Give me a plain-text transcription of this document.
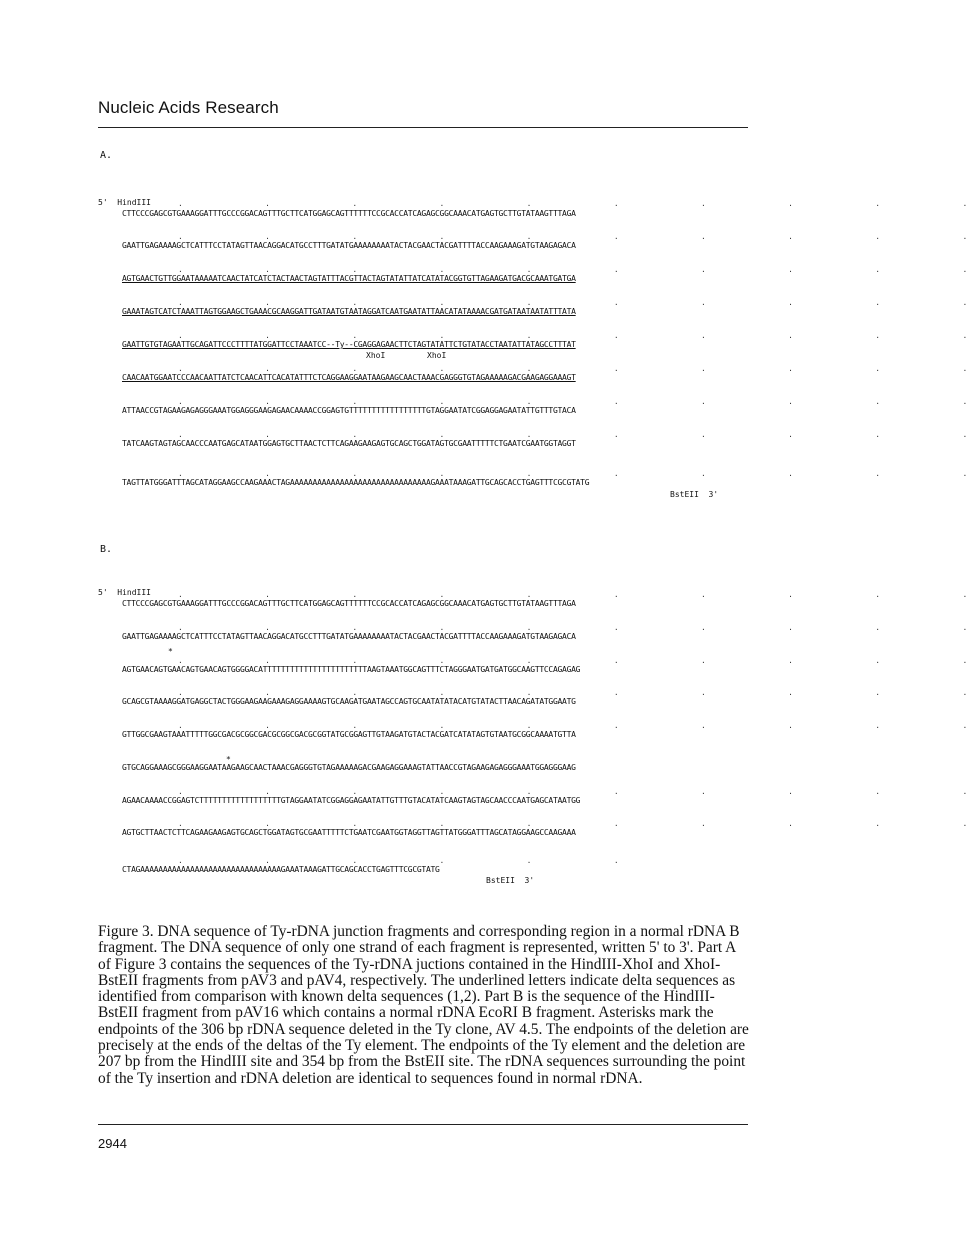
Nucleic Acids Research
A.
5'  HindIII
CTTCCCGAGCGTGAAAGGATTTGCCCGGACAGTTTGCTTCATGGAGCAGTTTTTTCCGCACCATCAGAGCGGCAAACATGAGTGCTTGTATAAGTTTAGA
GAATTGAGAAAAGCTCATTTCCTATAGTTAACAGGACATGCCTTTGATATGAAAAAAAATACTACGAACTACGATTTTACCAAGAAAGATGTAAGAGACA
AGTGAACTGTTGGAATAAAAATCAACTATCATCTACTAACTAGTATTTACGTTACTAGTATATTATCATATACGGTGTTAGAAGATGACGCAAATGATGA
GAAATAGTCATCTAAATTAGTGGAAGCTGAAACGCAAGGATTGATAATGTAATAGGATCAATGAATATTAACATATAAAACGATGATAATAATATTTATA
GAATTGTGTAGAATTGCAGATTCCCTTTTATGGATTCCTAAATCC--Ty--CGAGGAGAACTTCTAGTATATTCTGTATACCTAATATTATAGCCTTTAT
XhoI	XhoI
CAACAATGGAATCCCAACAATTATCTCAACATTCACATATTTCTCAGGAAGGAATAAGAAGCAACTAAACGAGGGTGTAGAAAAAGACGAAGAGGAAAGT
ATTAACCGTAGAAGAGAGGGAAATGGAGGGAAGAGAACAAAACCGGAGTGTTTTTTTTTTTTTTTTTGTAGGAATATCGGAGGAGAATATTGTTTGTACA
TATCAAGTAGTAGCAACCCAATGAGCATAATGGAGTGCTTAACTCTTCAGAAGAAGAGTGCAGCTGGATAGTGCGAATTTTTCTGAATCGAATGGTAGGT
TAGTTATGGGATTTAGCATAGGAAGCCAAGAAACTAGAAAAAAAAAAAAAAAAAAAAAAAAAAAAAAAGAAATAAAGATTGCAGCACCTGAGTTTCGCGTATG
BstEII  3'
B.
5'  HindIII
CTTCCCGAGCGTGAAAGGATTTGCCCGGACAGTTTGCTTCATGGAGCAGTTTTTTCCGCACCATCAGAGCGGCAAACATGAGTGCTTGTATAAGTTTAGA
GAATTGAGAAAAGCTCATTTCCTATAGTTAACAGGACATGCCTTTGATATGAAAAAAAATACTACGAACTACGATTTTACCAAGAAAGATGTAAGAGACA
*
AGTGAACAGTGAACAGTGAACAGTGGGGACATTTTTTTTTTTTTTTTTTTTTTTAAGTAAATGGCAGTTTCTAGGGAATGATGATGGCAAGTTCCAGAGAG
GCAGCGTAAAAGGATGAGGCTACTGGGAAGAAGAAAGAGGAAAAGTGCAAGATGAATAGCCAGTGCAATATATACATGTATACTTAACAGATATGGAATG
GTTGGCGAAGTAAATTTTTGGCGACGCGGCGACGCGGCGACGCGGTATGCGGAGTTGTAAGATGTACTACGATCATATAGTGTAATGCGGCAAAATGTTA
*
GTGCAGGAAAGCGGGAAGGAATAAGAAGCAACTAAACGAGGGTGTAGAAAAAGACGAAGAGGAAAGTATTAACCGTAGAAGAGAGGGAAATGGAGGGAAG
AGAACAAAACCGGAGTCTTTTTTTTTTTTTTTTTTGTAGGAATATCGGAGGAGAATATTGTTTGTACATATCAAGTAGTAGCAACCCAATGAGCATAATGG
AGTGCTTAACTCTTCAGAAGAAGAGTGCAGCTGGATAGTGCGAATTTTTCTGAATCGAATGGTAGGTTAGTTATGGGATTTAGCATAGGAAGCCAAGAAA
CTAGAAAAAAAAAAAAAAAAAAAAAAAAAAAAAAAGAAATAAAGATTGCAGCACCTGAGTTTCGCGTATG
BstEII  3'
.         .         .         .         .         .         .         .         .         .
.         .         .         .         .         .         .         .         .         .
.         .         .         .         .         .         .         .         .         .
.         .         .         .         .         .         .         .         .         .
.         .         .         .         .         .         .         .         .         .
.         .         .         .         .         .         .         .         .         .
.         .         .         .         .         .         .         .         .         .
.         .         .         .         .         .         .         .         .         .
.         .         .         .         .         .         .         .         .         .
.         .         .         .         .         .         .         .         .         .
.         .         .         .         .         .         .         .         .         .
.         .         .         .         .         .         .         .         .         .
.         .         .         .         .         .         .         .         .         .
.         .         .         .         .         .         .         .         .         .
.         .         .         .         .         .         .         .         .         .
.         .         .         .         .         .         .         .         .         .
.         .         .         .         .         .
Figure 3. DNA sequence of Ty-rDNA junction fragments and corresponding region in a normal rDNA B fragment. The DNA sequence of only one strand of each fragment is represented, written 5' to 3'. Part A of Figure 3 contains the sequences of the Ty-rDNA juctions contained in the HindIII-XhoI and XhoI-BstEII fragments from pAV3 and pAV4, respectively. The underlined letters indicate delta sequences as identified from comparison with known delta sequences (1,2). Part B is the sequence of the HindIII-BstEII fragment from pAV16 which contains a normal rDNA EcoRI B fragment. Asterisks mark the endpoints of the 306 bp rDNA sequence deleted in the Ty clone, AV 4.5. The endpoints of the deletion are precisely at the ends of the deltas of the Ty element. The endpoints of the Ty element and the deletion are 207 bp from the HindIII site and 354 bp from the BstEII site. The rDNA sequences surrounding the point of the Ty insertion and rDNA deletion are identical to sequences found in normal rDNA.
2944
